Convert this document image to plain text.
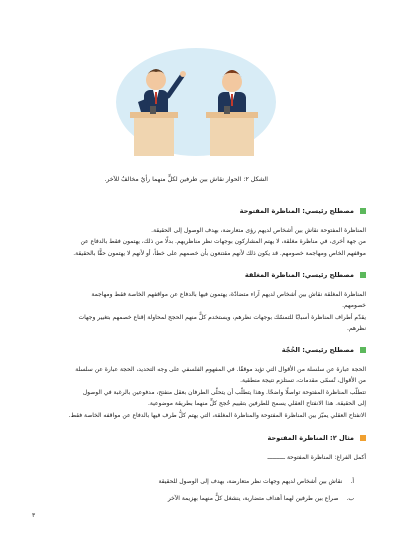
الشكل ٢: الحوار نقاش بين طرفين لكلٍّ منهما رأيٌ مخالفٌ للآخر.
مصطلح رئيسي: المناظرة المفتوحة
المناظرة المفتوحة نقاش بين أشخاص لديهم رؤى متعارضة، بهدف الوصول إلى الحقيقة.
من جهة أخرى، في مناظرة مغلقة، لا يهتم المشاركون بوجهات نظر مناظريهم. بدلًا من ذلك، يهتمون فقط بالدفاع عن
موقفهم الخاص ومهاجمة خصومهم. قد يكون ذلك لأنهم مقتنعون بأن خصمهم على خطأ، أو لأنهم لا يهتمون حقًّا بالحقيقة.
مصطلح رئيسي: المناظرة المغلقة
المناظرة المغلقة نقاش بين أشخاص لديهم آراء متضادّة، يهتمون فيها بالدفاع عن مواقفهم الخاصة فقط ومهاجمة
خصومهم.
يقدّم أطراف المناظرة أسبابًا للتمسّك بوجهات نظرهم، ويستخدم كلٌّ منهم الحجج لمحاولة إقناع خصمهم بتغيير وجهات
نظرهم.
مصطلح رئيسي: الحُجّة
الحجة عبارة عن سلسلة من الأقوال التي تؤيد موقفًا. في المفهوم الفلسفي على وجه التحديد، الحجة عبارة عن سلسلة
من الأقوال، تُسمّى مقدمات، تستلزم نتيجة منطقية.
تتطلّب المناظرة المفتوحة تواصلًا واضحًا. وهذا يتطلّب أن يتحلّى الطرفان بعقل منفتح، مدفوعين بالرغبة في الوصول
إلى الحقيقة. هذا الانفتاح العقلي يسمح للطرفين بتقييم حُجج كلٍّ منهما بطريقة موضوعية.
الانفتاح العقلي يميّز بين المناظرة المفتوحة والمناظرة المغلقة، التي يهتم كلُّ طرف فيها بالدفاع عن مواقفه الخاصة فقط.
مثال ٢: المناظرة المفتوحة
أكمل الفراغ: المناظرة المفتوحة ــــــــــ
أ.نقاش بين أشخاص لديهم وجهات نظر متعارضة، بهدف إلى الوصول للحقيقة
ب.صراع بين طرفين لهما أهداف متضاربة، ينشغل كلٌّ منهما بهزيمة الآخر
٣
